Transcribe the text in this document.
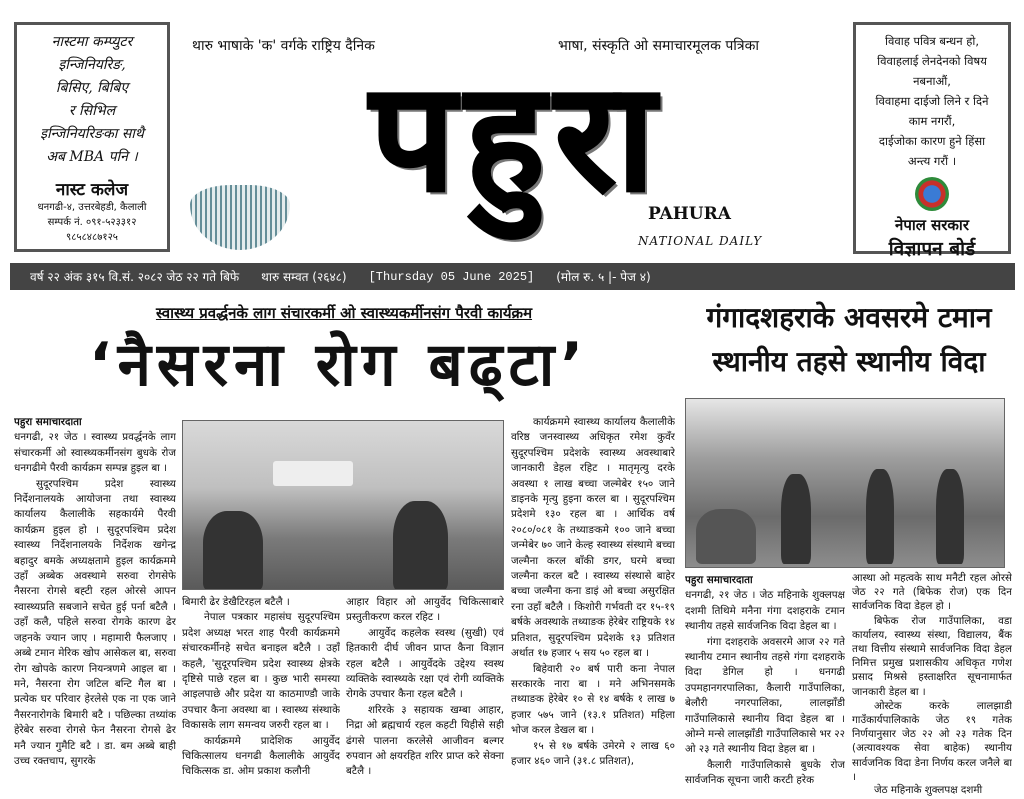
नास्टमा कम्प्युटर
इन्जिनियरिङ,
बिसिए, बिबिए
र सिभिल
इन्जिनियरिङका साथै
अब MBA पनि ।
नास्ट कलेज
धनगढी-४, उत्तरबेहडी, कैलाली
सम्पर्क नं. ०९१-५२३३१२
९८५८४८७१२५
विवाह पवित्र बन्धन हो,
विवाहलाई लेनदेनको विषय
नबनाऔं,
विवाहमा दाईजो लिने र दिने
काम नगरौं,
दाईजोका कारण हुने हिंसा
अन्त्य गरौं ।
नेपाल सरकार
विज्ञापन बोर्ड
थारु भाषाके 'क' वर्गके राष्ट्रिय दैनिक	भाषा, संस्कृति ओ समाचारमूलक पत्रिका
पहुरा
PAHURA
NATIONAL DAILY
वर्ष २२ अंक ३१५ वि.सं. २०८२ जेठ २२ गते बिफे थारु सम्वत (२६४८) [Thursday 05 June 2025] (मोल रु. ५ |- पेज ४)
स्वास्थ्य प्रवर्द्धनके लाग संचारकर्मी ओ स्वास्थ्यकर्मीनसंग पैरवी कार्यक्रम
‘नैसरना रोग बढ्टा’
गंगादशहराके अवसरमे टमान
स्थानीय तहसे स्थानीय विदा

पहुरा समाचारदाता

धनगढी, २१ जेठ । स्वास्थ्य प्रवर्द्धनके लाग संचारकर्मी ओ स्वास्थ्यकर्मीनसंग बुधके रोज धनगढीमे पैरवी कार्यक्रम सम्पन्न हुइल बा ।

सुदूरपश्चिम प्रदेश स्वास्थ्य निर्देशनालयके आयोजना तथा स्वास्थ्य कार्यालय कैलालीके सहकार्यमे पैरवी कार्यक्रम हुइल हो । सुदूरपश्चिम प्रदेश स्वास्थ्य निर्देशनालयके निर्देशक खगेन्द्र बहादुर बमके अध्यक्षतामे हुइल कार्यक्रममे उहाँ अब्बेक अवस्थामे सरुवा रोगसेफे नैसरना रोगसे बह्टी रहल ओरसे आपन स्वास्थ्यप्रति सबजाने सचेत हुई पर्ना बटैलै । उहाँ कलै, पहिले सरुवा रोगके कारण ढेर जहनके ज्यान जाए । महामारी फैलजाए । अब्बे टमान मेरिक खोप आसेकल बा, सरुवा रोग खोपके कारण नियन्त्रणमे आइल बा । मने, नैसरना रोग जटिल बन्टि गैल बा । प्रत्येक घर परिवार हेरलेसे एक ना एक जाने नैसरनारोगके बिमारी बटै । पछिल्का तथ्यांक हेरेबेर सरुवा रोगसे फेन नैसरना रोगसे ढेर मनै ज्यान गुमैटि बटै । डा. बम अब्बे बाही उच्च रक्तचाप, सुगरके

बिमारी ढेर डेखैटिरहल बटैलै ।

नेपाल पत्रकार महासंघ सुदूरपश्चिम प्रदेश अध्यक्ष भरत शाह पैरवी कार्यक्रममे संचारकर्मीनहे सचेत बनाइल बटैलै । उहाँ कहलै, 'सुदूरपश्चिम प्रदेश स्वास्थ्य क्षेत्रके दृष्टिसे पाछे रहल बा । कुछ भारी समस्या आइलपाछे और प्रदेश या काठमाण्डौ जाके उपचार कैना अवस्था बा । स्वास्थ्य संस्थाके विकासके लाग समन्वय जरुरी रहल बा ।

कार्यक्रममे प्रादेशिक आयुर्वेद चिकित्सालय धनगढी कैलालीके आयुर्वेद चिकित्सक डा. ओम प्रकाश कलौनी

आहार विहार ओ आयुर्वेद चिकित्साबारे प्रस्तुतीकरण करल रहिट ।

आयुर्वेद कहलेक स्वस्थ (सुखी) एवं हितकारी दीर्घ जीवन प्राप्त कैना विज्ञान रहल बटैलै । आयुर्वेदके उद्देश्य स्वस्थ व्यक्तिके स्वास्थ्यके रक्षा एवं रोगी व्यक्तिके रोगके उपचार कैना रहल बटैलै ।

शरिरके ३ सहायक खम्बा आहार, निद्रा ओ ब्रह्मचार्य रहल कहटी यिहीसे सही ढंगसे पालना करलेसे आजीवन बल्गर रुपवान ओ क्षयरहित शरिर प्राप्त करे सेक्ना बटैलै ।

कार्यक्रममे स्वास्थ्य कार्यालय कैलालीके वरिष्ठ जनस्वास्थ्य अधिकृत रमेश कुवँर सुदूरपश्चिम प्रदेशके स्वास्थ्य अवस्थाबारे जानकारी डेहल रहिट । मातृमृत्यु दरके अवस्था १ लाख बच्चा जल्मेबेर १५० जाने डाइनके मृत्यु हुइना करल बा । सुदूरपश्चिम प्रदेशमे १३० रहल बा । आर्थिक वर्ष २०८०/०८१ के तथ्याङकमे १०० जाने बच्चा जन्मेबेर ७० जाने केल्ह स्वास्थ्य संस्थामे बच्चा जल्मैना करल बाँकी डगर, घरमे बच्चा जल्मैना करल बटै । स्वास्थ्य संस्थासे बाहेर बच्चा जल्मैना कना डाइं ओ बच्चा असुरक्षित रना उहाँ बटैलै । किशोरी गर्भवती दर १५-१९ बर्षके अवस्थाके तथ्याङक हेरेबेर राष्ट्रियके १४ प्रतिशत, सुदूरपश्चिम प्रदेशके १३ प्रतिशत अर्थात १७ हजार ५ सय ५० रहल बा ।

बिहेवारी २० बर्ष पारी कना नेपाल सरकारके नारा बा । मने अभिनसमके तथ्याङक हेरेबेर १० से १४ बर्षके १ लाख ७ हजार ५७५ जाने (१३.१ प्रतिशत) महिला भोज करल डेखल बा ।

१५ से १७ बर्षके उमेरमे २ लाख ६० हजार ४६० जाने (३१.८ प्रतिशत),

पहुरा समाचारदाता

धनगढी, २१ जेठ । जेठ महिनाके शुक्लपक्ष दशमी तिथिमे मनैना गंगा दशहराके टमान स्थानीय तहसे सार्वजनिक विदा डेहल बा ।

गंगा दशहराके अवसरमे आज २२ गते स्थानीय टमान स्थानीय तहसे गंगा दशहराके विदा डेगिल हो । धनगढी उपमहानगरपालिका, कैलारी गाउँपालिका, बेलौरी नगरपालिका, लालझाँडी गाउँपालिकासे स्थानीय विदा डेहल बा । ओम्ने मन्से लालझाँडी गाउँपालिकासे भर २२ ओ २३ गते स्थानीय विदा डेहल बा ।

कैलारी गाउँपालिकासे बुधके रोज सार्वजनिक सूचना जारी करटी हरेक

आस्था ओ महत्वके साथ मनैटी रहल ओरसे जेठ २२ गते (बिफेक रोज) एक दिन सार्वजनिक विदा डेहल हो ।

बिफेक रोज गाउँपालिका, वडा कार्यालय, स्वास्थ्य संस्था, विद्यालय, बैंक तथा वित्तीय संस्थामे सार्वजनिक विदा डेहल निमित्त प्रमुख प्रशासकीय अधिकृत गणेश प्रसाद मिश्रसे हस्ताक्षरित सूचनामार्फत जानकारी डेहल बा ।

ओस्टेक करके लालझाडी गाउँकार्यपालिकाके जेठ १९ गतेक निर्णयानुसार जेठ २२ ओ २३ गतेक दिन (अत्यावश्यक सेवा बाहेक) स्थानीय सार्वजनिक विदा डेना निर्णय करल जनैले बा ।

जेठ महिनाके शुक्लपक्ष दशमी
